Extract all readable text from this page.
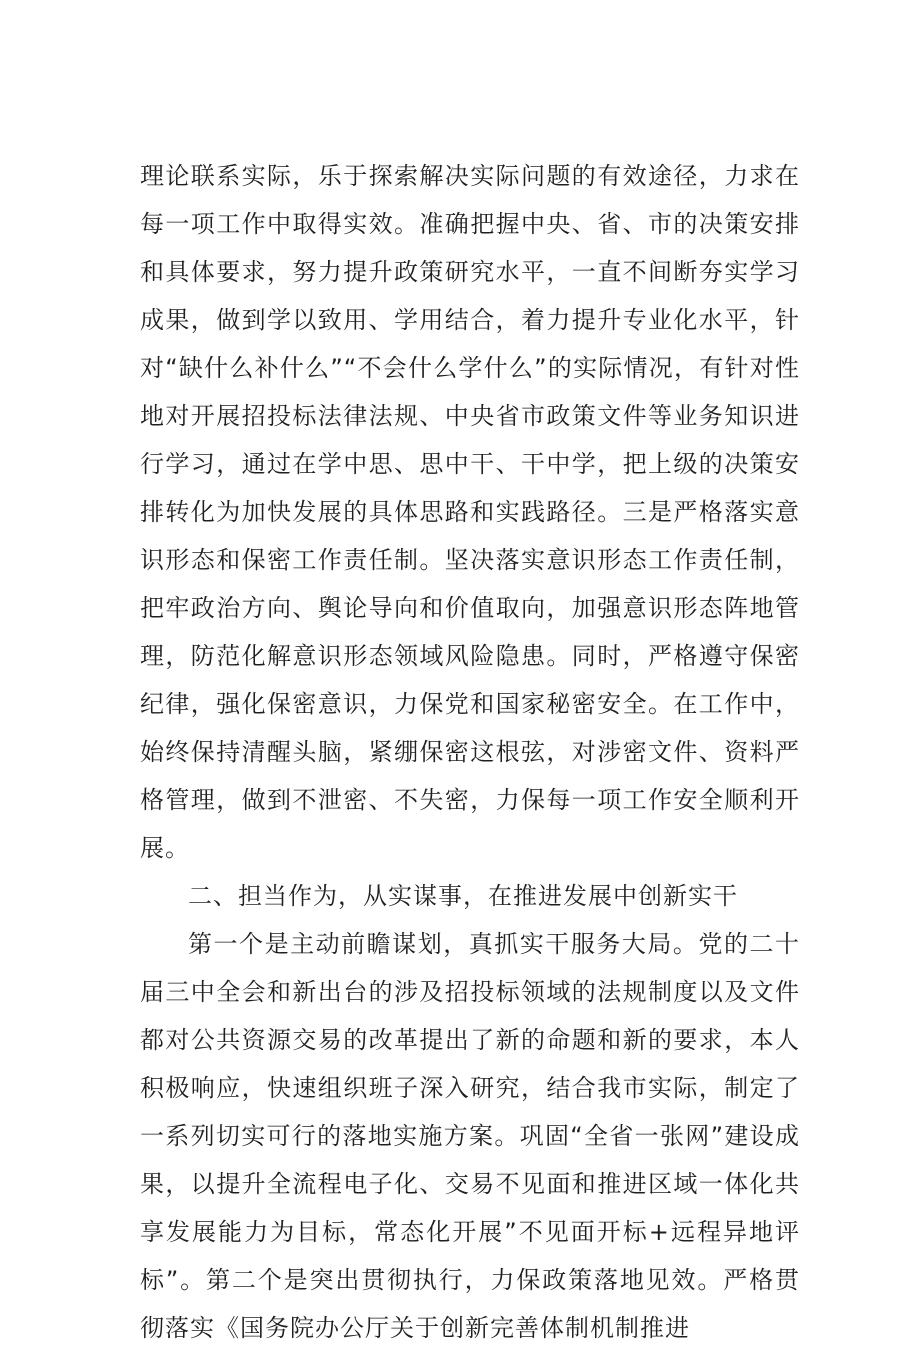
理论联系实际，乐于探索解决实际问题的有效途径，力求在每一项工作中取得实效。准确把握中央、省、市的决策安排和具体要求，努力提升政策研究水平，一直不间断夯实学习成果，做到学以致用、学用结合，着力提升专业化水平，针对“缺什么补什么”“不会什么学什么”的实际情况，有针对性地对开展招投标法律法规、中央省市政策文件等业务知识进行学习，通过在学中思、思中干、干中学，把上级的决策安排转化为加快发展的具体思路和实践路径。三是严格落实意识形态和保密工作责任制。坚决落实意识形态工作责任制，把牢政治方向、舆论导向和价值取向，加强意识形态阵地管理，防范化解意识形态领域风险隐患。同时，严格遵守保密纪律，强化保密意识，力保党和国家秘密安全。在工作中，始终保持清醒头脑，紧绷保密这根弦，对涉密文件、资料严格管理，做到不泄密、不失密，力保每一项工作安全顺利开展。

二、担当作为，从实谋事，在推进发展中创新实干

第一个是主动前瞻谋划，真抓实干服务大局。党的二十届三中全会和新出台的涉及招投标领域的法规制度以及文件都对公共资源交易的改革提出了新的命题和新的要求，本人积极响应，快速组织班子深入研究，结合我市实际，制定了一系列切实可行的落地实施方案。巩固“全省一张网”建设成果，以提升全流程电子化、交易不见面和推进区域一体化共享发展能力为目标，常态化开展”不见面开标+远程异地评标”。第二个是突出贯彻执行，力保政策落地见效。严格贯彻落实《国务院办公厅关于创新完善体制机制推进
